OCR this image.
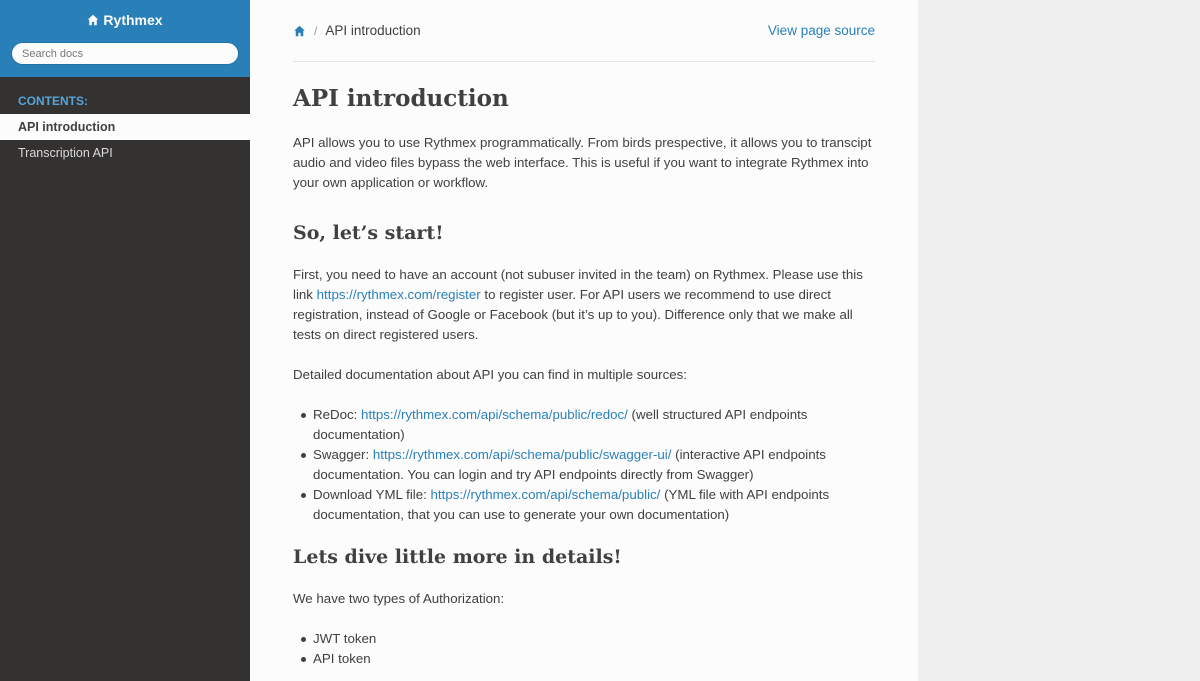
Rythmex
Search docs
CONTENTS:
API introduction
Transcription API
/ API introduction	View page source
API introduction

API allows you to use Rythmex programmatically. From birds prespective, it allows you to transcipt audio and video files bypass the web interface. This is useful if you want to integrate Rythmex into your own application or workflow.

So, let’s start!

First, you need to have an account (not subuser invited in the team) on Rythmex. Please use this link https://rythmex.com/register to register user. For API users we recommend to use direct registration, instead of Google or Facebook (but it’s up to you). Difference only that we make all tests on direct registered users.

Detailed documentation about API you can find in multiple sources:

ReDoc: https://rythmex.com/api/schema/public/redoc/ (well structured API endpoints documentation)
Swagger: https://rythmex.com/api/schema/public/swagger-ui/ (interactive API endpoints documentation. You can login and try API endpoints directly from Swagger)
Download YML file: https://rythmex.com/api/schema/public/ (YML file with API endpoints documentation, that you can use to generate your own documentation)
Lets dive little more in details!

We have two types of Authorization:

JWT token
API token
